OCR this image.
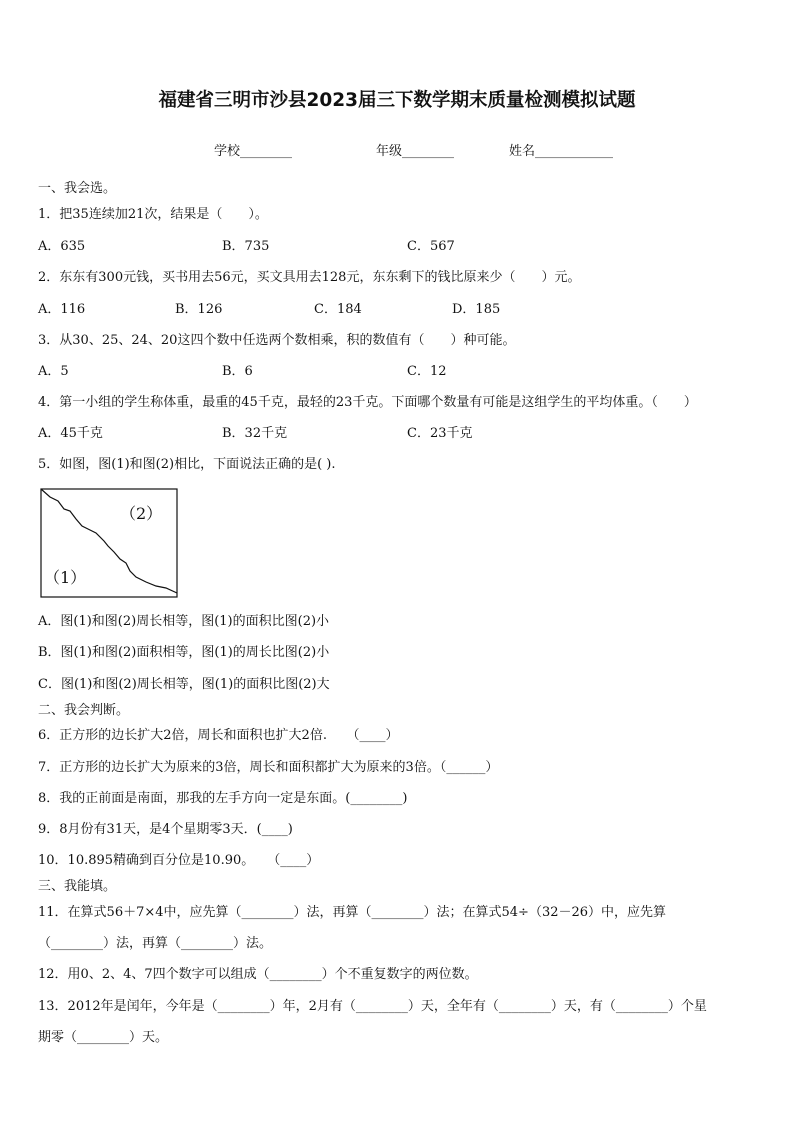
福建省三明市沙县2023届三下数学期末质量检测模拟试题
学校________	年级________	姓名____________
一、我会选。
1．把35连续加21次，结果是（　　）。
A．635	B．735	C．567
2．东东有300元钱，买书用去56元，买文具用去128元，东东剩下的钱比原来少（　　）元。
A．116	B．126	C．184	D．185
3．从30、25、24、20这四个数中任选两个数相乘，积的数值有（　　）种可能。
A．5	B．6	C．12
4．第一小组的学生称体重，最重的45千克，最轻的23千克。下面哪个数量有可能是这组学生的平均体重。（　　）
A．45千克	B．32千克	C．23千克
5．如图，图(1)和图(2)相比，下面说法正确的是( ).
（2）
（1）
A．图(1)和图(2)周长相等，图(1)的面积比图(2)小
B．图(1)和图(2)面积相等，图(1)的周长比图(2)小
C．图(1)和图(2)周长相等，图(1)的面积比图(2)大
二、我会判断。
6．正方形的边长扩大2倍，周长和面积也扩大2倍.　　（____）
7．正方形的边长扩大为原来的3倍，周长和面积都扩大为原来的3倍。（______）
8．我的正前面是南面，那我的左手方向一定是东面。(________)
9．8月份有31天，是4个星期零3天．(____)
10．10.895精确到百分位是10.90。　　（____）
三、我能填。
11．在算式56＋7×4中，应先算（________）法，再算（________）法；在算式54÷（32－26）中，应先算
（________）法，再算（________）法。
12．用0、2、4、7四个数字可以组成（________）个不重复数字的两位数。
13．2012年是闰年，今年是（________）年，2月有（________）天，全年有（________）天，有（________）个星
期零（________）天。
